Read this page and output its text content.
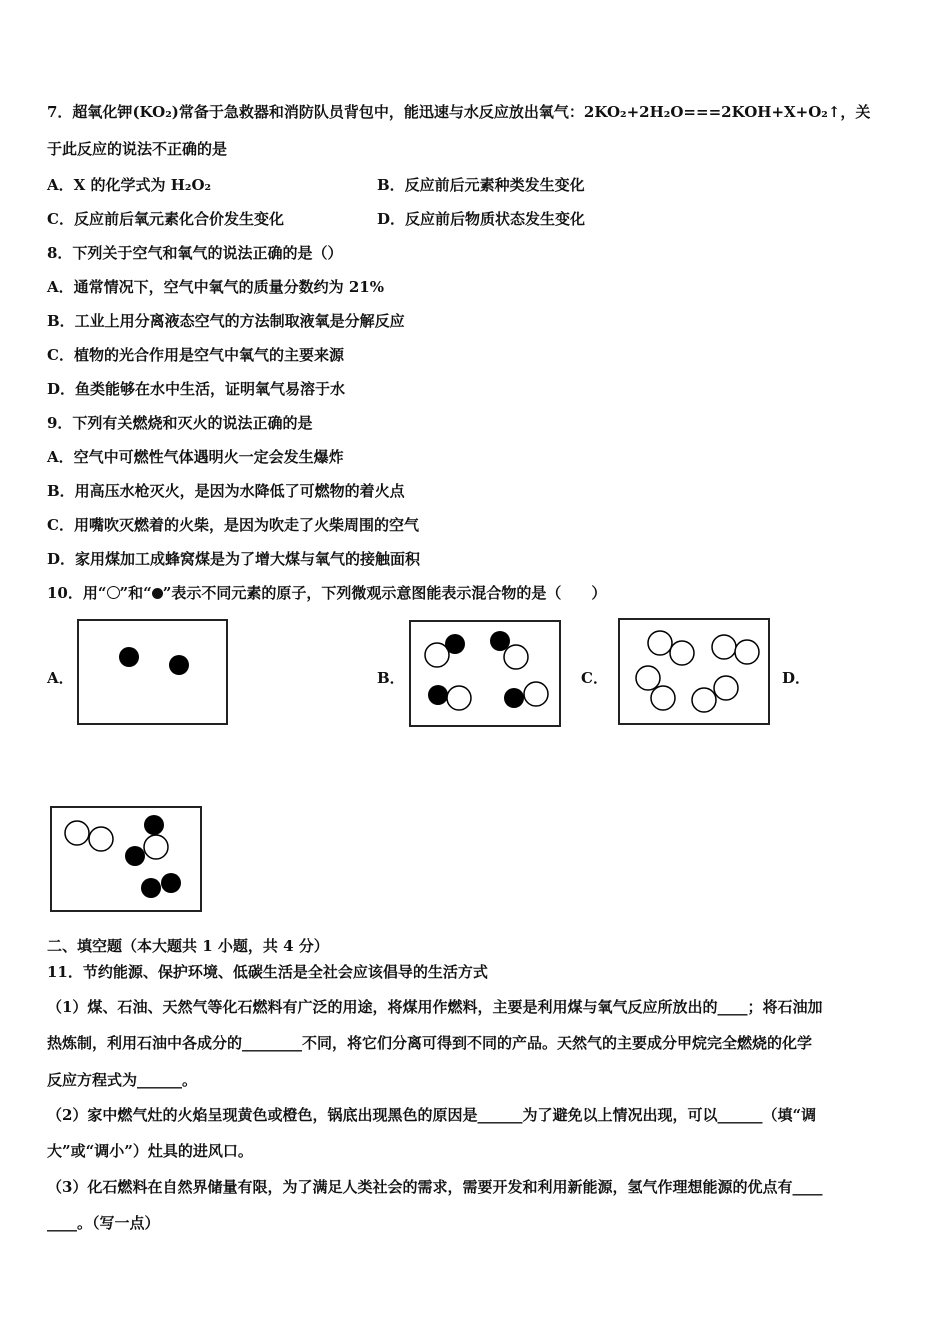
7．超氧化钾(KO₂)常备于急救器和消防队员背包中，能迅速与水反应放出氧气：2KO₂+2H₂O===2KOH+X+O₂↑，关
于此反应的说法不正确的是
A．X 的化学式为 H₂O₂	B．反应前后元素种类发生变化
C．反应前后氧元素化合价发生变化	D．反应前后物质状态发生变化
8．下列关于空气和氧气的说法正确的是（）
A．通常情况下，空气中氧气的质量分数约为 21%
B．工业上用分离液态空气的方法制取液氧是分解反应
C．植物的光合作用是空气中氧气的主要来源
D．鱼类能够在水中生活，证明氧气易溶于水
9．下列有关燃烧和灭火的说法正确的是
A．空气中可燃性气体遇明火一定会发生爆炸
B．用高压水枪灭火，是因为水降低了可燃物的着火点
C．用嘴吹灭燃着的火柴，是因为吹走了火柴周围的空气
D．家用煤加工成蜂窝煤是为了增大煤与氧气的接触面积
10．用“ ”和“ ”表示不同元素的原子，下列微观示意图能表示混合物的是（　　）
A．	B．	C．	D．
二、填空题（本大题共 1 小题，共 4 分）
11．节约能源、保护环境、低碳生活是全社会应该倡导的生活方式
（1）煤、石油、天然气等化石燃料有广泛的用途，将煤用作燃料，主要是利用煤与氧气反应所放出的____；将石油加
热炼制，利用石油中各成分的________不同，将它们分离可得到不同的产品。天然气的主要成分甲烷完全燃烧的化学
反应方程式为______。
（2）家中燃气灶的火焰呈现黄色或橙色，锅底出现黑色的原因是______为了避免以上情况出现，可以______（填“调
大”或“调小”）灶具的进风口。
（3）化石燃料在自然界储量有限，为了满足人类社会的需求，需要开发和利用新能源，氢气作理想能源的优点有____
____。（写一点）
